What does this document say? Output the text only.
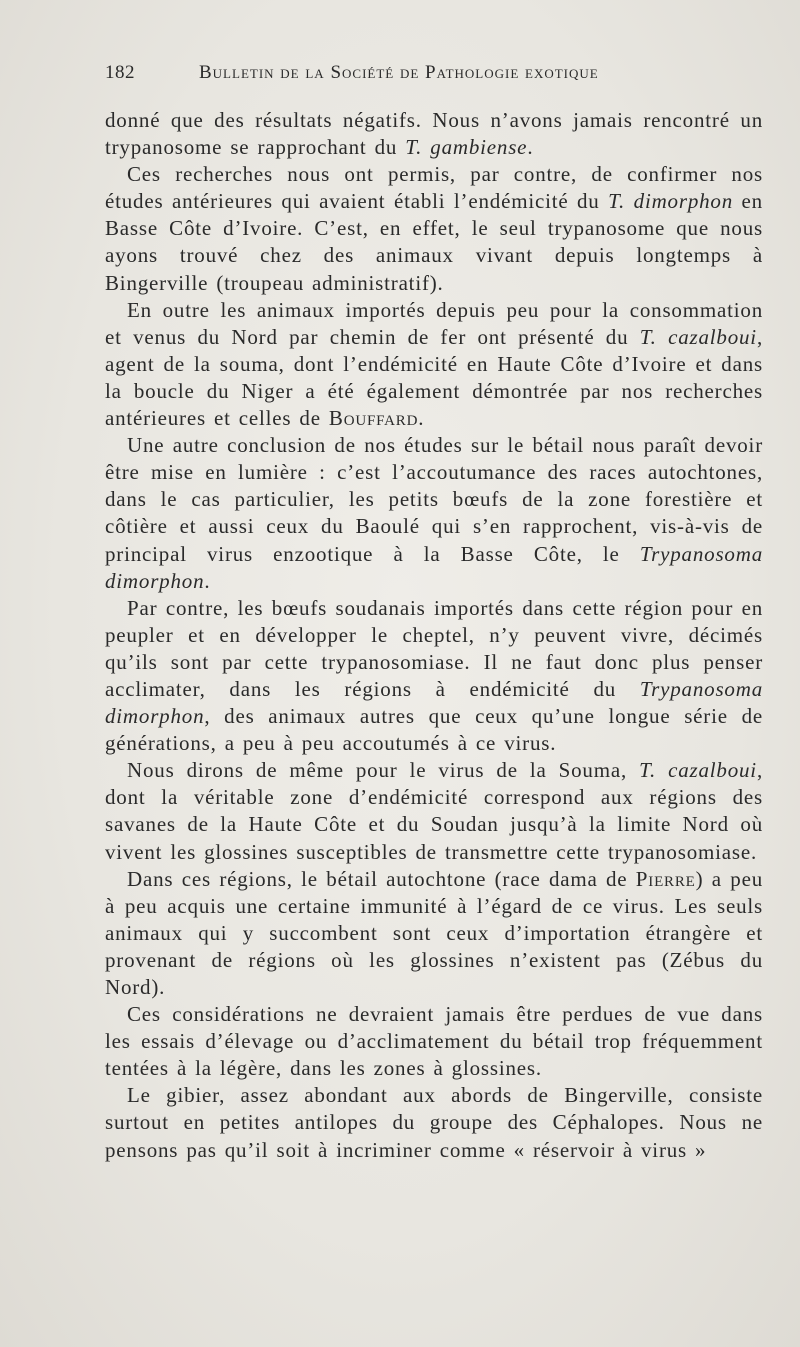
182	Bulletin de la Société de Pathologie exotique

donné que des résultats négatifs. Nous n’avons jamais rencontré un trypanosome se rapprochant du T. gambiense.

Ces recherches nous ont permis, par contre, de confirmer nos études antérieures qui avaient établi l’endémicité du T. dimorphon en Basse Côte d’Ivoire. C’est, en effet, le seul trypanosome que nous ayons trouvé chez des animaux vivant depuis longtemps à Bingerville (troupeau administratif).

En outre les animaux importés depuis peu pour la consommation et venus du Nord par chemin de fer ont présenté du T. cazalboui, agent de la souma, dont l’endémicité en Haute Côte d’Ivoire et dans la boucle du Niger a été également démontrée par nos recherches antérieures et celles de Bouffard.

Une autre conclusion de nos études sur le bétail nous paraît devoir être mise en lumière : c’est l’accoutumance des races autochtones, dans le cas particulier, les petits bœufs de la zone forestière et côtière et aussi ceux du Baoulé qui s’en rapprochent, vis-à-vis de principal virus enzootique à la Basse Côte, le Trypanosoma dimorphon.

Par contre, les bœufs soudanais importés dans cette région pour en peupler et en développer le cheptel, n’y peuvent vivre, décimés qu’ils sont par cette trypanosomiase. Il ne faut donc plus penser acclimater, dans les régions à endémicité du Trypanosoma dimorphon, des animaux autres que ceux qu’une longue série de générations, a peu à peu accoutumés à ce virus.

Nous dirons de même pour le virus de la Souma, T. cazalboui, dont la véritable zone d’endémicité correspond aux régions des savanes de la Haute Côte et du Soudan jusqu’à la limite Nord où vivent les glossines susceptibles de transmettre cette trypanosomiase.

Dans ces régions, le bétail autochtone (race dama de Pierre) a peu à peu acquis une certaine immunité à l’égard de ce virus. Les seuls animaux qui y succombent sont ceux d’importation étrangère et provenant de régions où les glossines n’existent pas (Zébus du Nord).

Ces considérations ne devraient jamais être perdues de vue dans les essais d’élevage ou d’acclimatement du bétail trop fréquemment tentées à la légère, dans les zones à glossines.

Le gibier, assez abondant aux abords de Bingerville, consiste surtout en petites antilopes du groupe des Céphalopes. Nous ne pensons pas qu’il soit à incriminer comme « réservoir à virus »
